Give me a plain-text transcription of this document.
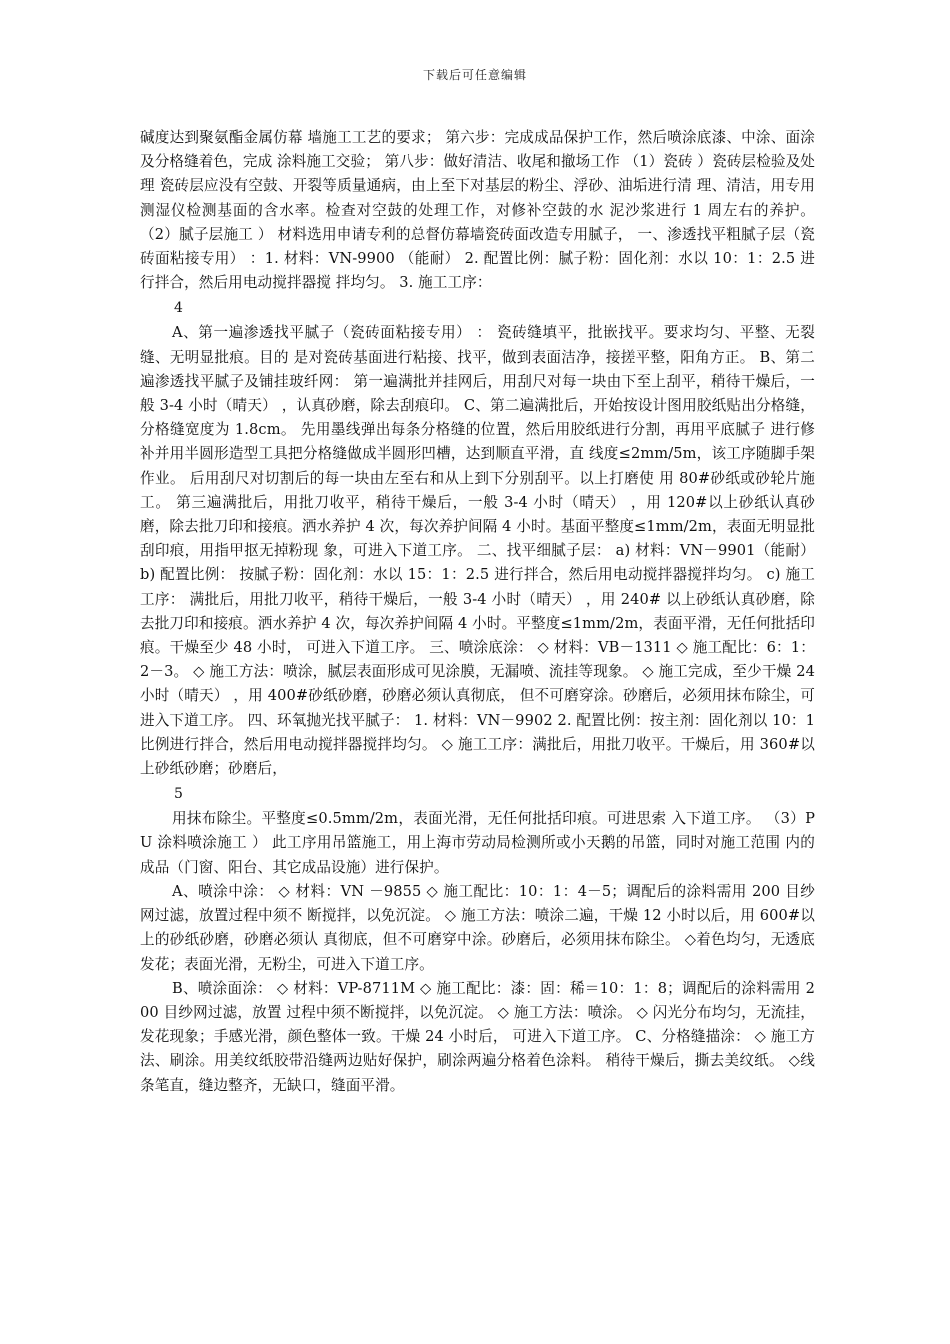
下载后可任意编辑

碱度达到聚氨酯金属仿幕 墙施工工艺的要求； 第六步：完成成品保护工作，然后喷涂底漆、中涂、面涂及分格缝着色，完成 涂料施工交验； 第八步：做好清洁、收尾和撤场工作 （1）瓷砖 ）瓷砖层检验及处理 瓷砖层应没有空鼓、开裂等质量通病，由上至下对基层的粉尘、浮砂、油垢进行清 理、清洁，用专用测湿仪检测基面的含水率。检查对空鼓的处理工作，对修补空鼓的水 泥沙浆进行 1 周左右的养护。 （2）腻子层施工 ） 材料选用申请专利的总督仿幕墙瓷砖面改造专用腻子， 一、渗透找平粗腻子层（瓷砖面粘接专用） ：1. 材料：VN-9900 （能耐） 2. 配置比例：腻子粉：固化剂：水以 10：1：2.5 进行拌合，然后用电动搅拌器搅 拌均匀。 3. 施工工序：

4

A、第一遍渗透找平腻子（瓷砖面粘接专用） ： 瓷砖缝填平，批嵌找平。要求均匀、平整、无裂缝、无明显批痕。目的 是对瓷砖基面进行粘接、找平，做到表面洁净，接搓平整，阳角方正。 B、第二遍渗透找平腻子及铺挂玻纤网： 第一遍满批并挂网后，用刮尺对每一块由下至上刮平，稍待干燥后，一 般 3-4 小时（晴天） ，认真砂磨，除去刮痕印。 C、第二遍满批后，开始按设计图用胶纸贴出分格缝，分格缝宽度为 1.8cm。 先用墨线弹出每条分格缝的位置，然后用胶纸进行分割，再用平底腻子 进行修补并用半圆形造型工具把分格缝做成半圆形凹槽，达到顺直平滑，直 线度≤2mm/5m，该工序随脚手架作业。 后用刮尺对切割后的每一块由左至右和从上到下分别刮平。以上打磨使 用 80#砂纸或砂轮片施工。 第三遍满批后，用批刀收平，稍待干燥后，一般 3-4 小时（晴天） ，用 120#以上砂纸认真砂磨，除去批刀印和接痕。洒水养护 4 次，每次养护间隔 4 小时。基面平整度≤1mm/2m，表面无明显批刮印痕，用指甲抠无掉粉现 象，可进入下道工序。 二、找平细腻子层： a) 材料：VN－9901（能耐） b) 配置比例： 按腻子粉：固化剂：水以 15：1：2.5 进行拌合，然后用电动搅拌器搅拌均匀。 c) 施工工序： 满批后，用批刀收平，稍待干燥后，一般 3-4 小时（晴天） ，用 240# 以上砂纸认真砂磨，除去批刀印和接痕。洒水养护 4 次，每次养护间隔 4 小时。平整度≤1mm/2m，表面平滑，无任何批括印痕。干燥至少 48 小时， 可进入下道工序。 三、喷涂底涂： ◇ 材料：VB－1311 ◇ 施工配比：6：1：2－3。 ◇ 施工方法：喷涂，腻层表面形成可见涂膜，无漏喷、流挂等现象。 ◇ 施工完成，至少干燥 24 小时（晴天） ，用 400#砂纸砂磨，砂磨必须认真彻底， 但不可磨穿涂。砂磨后，必须用抹布除尘，可进入下道工序。 四、环氧抛光找平腻子： 1. 材料：VN－9902 2. 配置比例：按主剂：固化剂以 10：1 比例进行拌合，然后用电动搅拌器搅拌均匀。 ◇ 施工工序：满批后，用批刀收平。干燥后，用 360#以上砂纸砂磨；砂磨后，

5

用抹布除尘。平整度≤0.5mm/2m，表面光滑，无任何批括印痕。可进思索 入下道工序。 （3）PU 涂料喷涂施工 ） 此工序用吊篮施工，用上海市劳动局检测所或小天鹅的吊篮，同时对施工范围 内的成品（门窗、阳台、其它成品设施）进行保护。

A、喷涂中涂： ◇ 材料：VN －9855 ◇ 施工配比：10：1：4－5；调配后的涂料需用 200 目纱网过滤，放置过程中须不 断搅拌，以免沉淀。 ◇ 施工方法：喷涂二遍，干燥 12 小时以后，用 600#以上的砂纸砂磨，砂磨必须认 真彻底，但不可磨穿中涂。砂磨后，必须用抹布除尘。 ◇着色均匀，无透底发花；表面光滑，无粉尘，可进入下道工序。

B、喷涂面涂： ◇ 材料：VP-8711M ◇ 施工配比：漆：固：稀＝10：1：8；调配后的涂料需用 200 目纱网过滤，放置 过程中须不断搅拌，以免沉淀。 ◇ 施工方法：喷涂。 ◇ 闪光分布均匀，无流挂，发花现象；手感光滑，颜色整体一致。干燥 24 小时后， 可进入下道工序。 C、分格缝描涂： ◇ 施工方法、刷涂。用美纹纸胶带沿缝两边贴好保护，刷涂两遍分格着色涂料。 稍待干燥后，撕去美纹纸。 ◇线条笔直，缝边整齐，无缺口，缝面平滑。
